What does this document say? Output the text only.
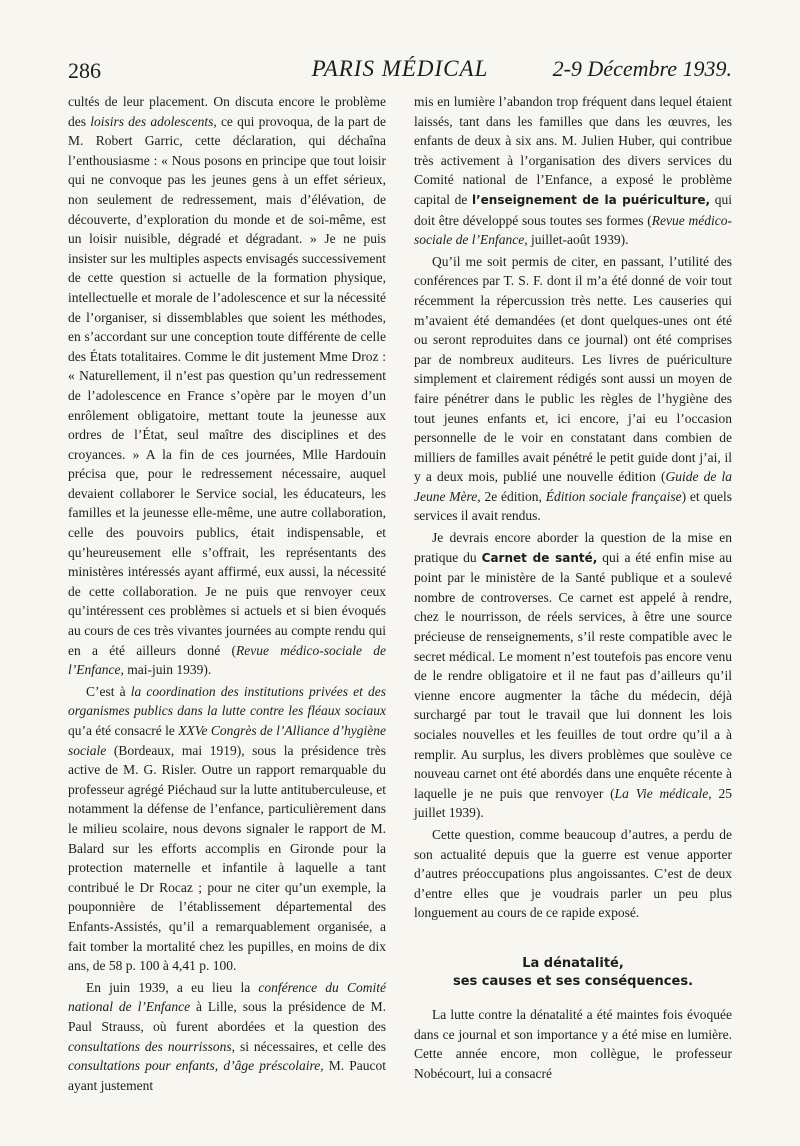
286	PARIS MÉDICAL	2-9 Décembre 1939.

cultés de leur placement. On discuta encore le problème des loisirs des adolescents, ce qui provoqua, de la part de M. Robert Garric, cette déclaration, qui déchaîna l’enthousiasme : « Nous posons en principe que tout loisir qui ne convoque pas les jeunes gens à un effet sérieux, non seulement de redressement, mais d’élévation, de découverte, d’exploration du monde et de soi-même, est un loisir nuisible, dégradé et dégradant. » Je ne puis insister sur les multiples aspects envisagés successivement de cette question si actuelle de la formation physique, intellectuelle et morale de l’adolescence et sur la nécessité de l’organiser, si dissemblables que soient les méthodes, en s’accordant sur une conception toute différente de celle des États totalitaires. Comme le dit justement Mme Droz : « Naturellement, il n’est pas question qu’un redressement de l’adolescence en France s’opère par le moyen d’un enrôlement obligatoire, mettant toute la jeunesse aux ordres de l’État, seul maître des disciplines et des croyances. » A la fin de ces journées, Mlle Hardouin précisa que, pour le redressement nécessaire, auquel devaient collaborer le Service social, les éducateurs, les familles et la jeunesse elle-même, une autre collaboration, celle des pouvoirs publics, était indispensable, et qu’heureusement elle s’offrait, les représentants des ministères intéressés ayant affirmé, eux aussi, la nécessité de cette collaboration. Je ne puis que renvoyer ceux qu’intéressent ces problèmes si actuels et si bien évoqués au cours de ces très vivantes journées au compte rendu qui en a été ailleurs donné (Revue médico-sociale de l’Enfance, mai-juin 1939).

C’est à la coordination des institutions privées et des organismes publics dans la lutte contre les fléaux sociaux qu’a été consacré le XXVe Congrès de l’Alliance d’hygiène sociale (Bordeaux, mai 1919), sous la présidence très active de M. G. Risler. Outre un rapport remarquable du professeur agrégé Piéchaud sur la lutte antituberculeuse, et notamment la défense de l’enfance, particulièrement dans le milieu scolaire, nous devons signaler le rapport de M. Balard sur les efforts accomplis en Gironde pour la protection maternelle et infantile à laquelle a tant contribué le Dr Rocaz ; pour ne citer qu’un exemple, la pouponnière de l’établissement départemental des Enfants-Assistés, qu’il a remarquablement organisée, a fait tomber la mortalité chez les pupilles, en moins de dix ans, de 58 p. 100 à 4,41 p. 100.

En juin 1939, a eu lieu la conférence du Comité national de l’Enfance à Lille, sous la présidence de M. Paul Strauss, où furent abordées et la question des consultations des nourrissons, si nécessaires, et celle des consultations pour enfants, d’âge préscolaire, M. Paucot ayant justement

mis en lumière l’abandon trop fréquent dans lequel étaient laissés, tant dans les familles que dans les œuvres, les enfants de deux à six ans. M. Julien Huber, qui contribue très activement à l’organisation des divers services du Comité national de l’Enfance, a exposé le problème capital de l’enseignement de la puériculture, qui doit être développé sous toutes ses formes (Revue médico-sociale de l’Enfance, juillet-août 1939).

Qu’il me soit permis de citer, en passant, l’utilité des conférences par T. S. F. dont il m’a été donné de voir tout récemment la répercussion très nette. Les causeries qui m’avaient été demandées (et dont quelques-unes ont été ou seront reproduites dans ce journal) ont été comprises par de nombreux auditeurs. Les livres de puériculture simplement et clairement rédigés sont aussi un moyen de faire pénétrer dans le public les règles de l’hygiène des tout jeunes enfants et, ici encore, j’ai eu l’occasion personnelle de le voir en constatant dans combien de milliers de familles avait pénétré le petit guide dont j’ai, il y a deux mois, publié une nouvelle édition (Guide de la Jeune Mère, 2e édition, Édition sociale française) et quels services il avait rendus.

Je devrais encore aborder la question de la mise en pratique du Carnet de santé, qui a été enfin mise au point par le ministère de la Santé publique et a soulevé nombre de controverses. Ce carnet est appelé à rendre, chez le nourrisson, de réels services, à être une source précieuse de renseignements, s’il reste compatible avec le secret médical. Le moment n’est toutefois pas encore venu de le rendre obligatoire et il ne faut pas d’ailleurs qu’il vienne encore augmenter la tâche du médecin, déjà surchargé par tout le travail que lui donnent les lois sociales nouvelles et les feuilles de tout ordre qu’il a à remplir. Au surplus, les divers problèmes que soulève ce nouveau carnet ont été abordés dans une enquête récente à laquelle je ne puis que renvoyer (La Vie médicale, 25 juillet 1939).

Cette question, comme beaucoup d’autres, a perdu de son actualité depuis que la guerre est venue apporter d’autres préoccupations plus angoissantes. C’est de deux d’entre elles que je voudrais parler un peu plus longuement au cours de ce rapide exposé.

La dénatalité,
ses causes et ses conséquences.

La lutte contre la dénatalité a été maintes fois évoquée dans ce journal et son importance y a été mise en lumière. Cette année encore, mon collègue, le professeur Nobécourt, lui a consacré
